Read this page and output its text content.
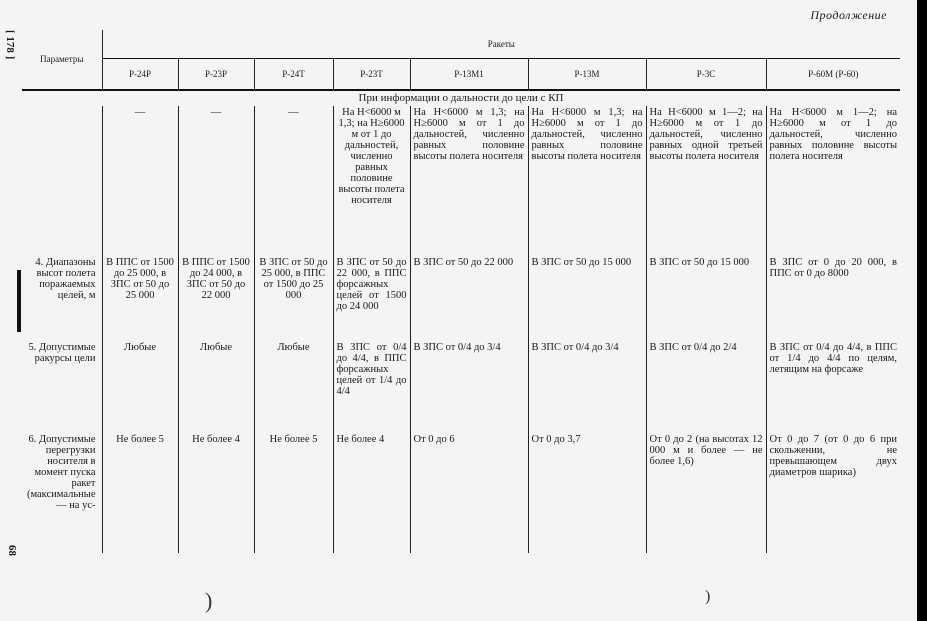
Продолжение
[ 178 ]
68
Параметры	Ракеты							
	Р-24Р	Р-23Р	Р-24Т	Р-23Т	Р-13М1	Р-13М	Р-3С	Р-60М (Р-60)
При информации о дальности до цели с КП								
	—	—	—	На Н<6000 м 1,3; на Н≥6000 м от 1 до дальностей, численно равных половине высоты полета носителя	На Н<6000 м 1,3; на Н≥6000 м от 1 до дальностей, численно равных половине высоты полета носителя	На Н<6000 м 1,3; на Н≥6000 м от 1 до дальностей, численно равных половине высоты полета носителя	На Н<6000 м 1—2; на Н≥6000 м от 1 до дальностей, численно равных одной третьей высоты полета носителя	На Н<6000 м 1—2; на Н≥6000 м от 1 до дальностей, численно равных половине высоты полета носителя
4. Диапазоны высот полета поражаемых целей, м	В ППС от 1500 до 25 000, в ЗПС от 50 до 25 000	В ППС от 1500 до 24 000, в ЗПС от 50 до 22 000	В ЗПС от 50 до 25 000, в ППС от 1500 до 25 000	В ЗПС от 50 до 22 000, в ППС форсажных целей от 1500 до 24 000	В ЗПС от 50 до 22 000	В ЗПС от 50 до 15 000	В ЗПС от 50 до 15 000	В ЗПС от 0 до 20 000, в ППС от 0 до 8000
5. Допустимые ракурсы цели	Любые	Любые	Любые	В ЗПС от 0/4 до 4/4, в ППС форсажных целей от 1/4 до 4/4	В ЗПС от 0/4 до 3/4	В ЗПС от 0/4 до 3/4	В ЗПС от 0/4 до 2/4	В ЗПС от 0/4 до 4/4, в ППС от 1/4 до 4/4 по целям, летящим на форсаже
6. Допустимые перегрузки носителя в момент пуска ракет (максимальные — на ус-	Не более 5	Не более 4	Не более 5	Не более 4	От 0 до 6	От 0 до 3,7	От 0 до 2 (на высотах 12 000 м и более — не более 1,6)	От 0 до 7 (от 0 до 6 при скольжении, не превышающем двух диаметров шарика)
)	)
